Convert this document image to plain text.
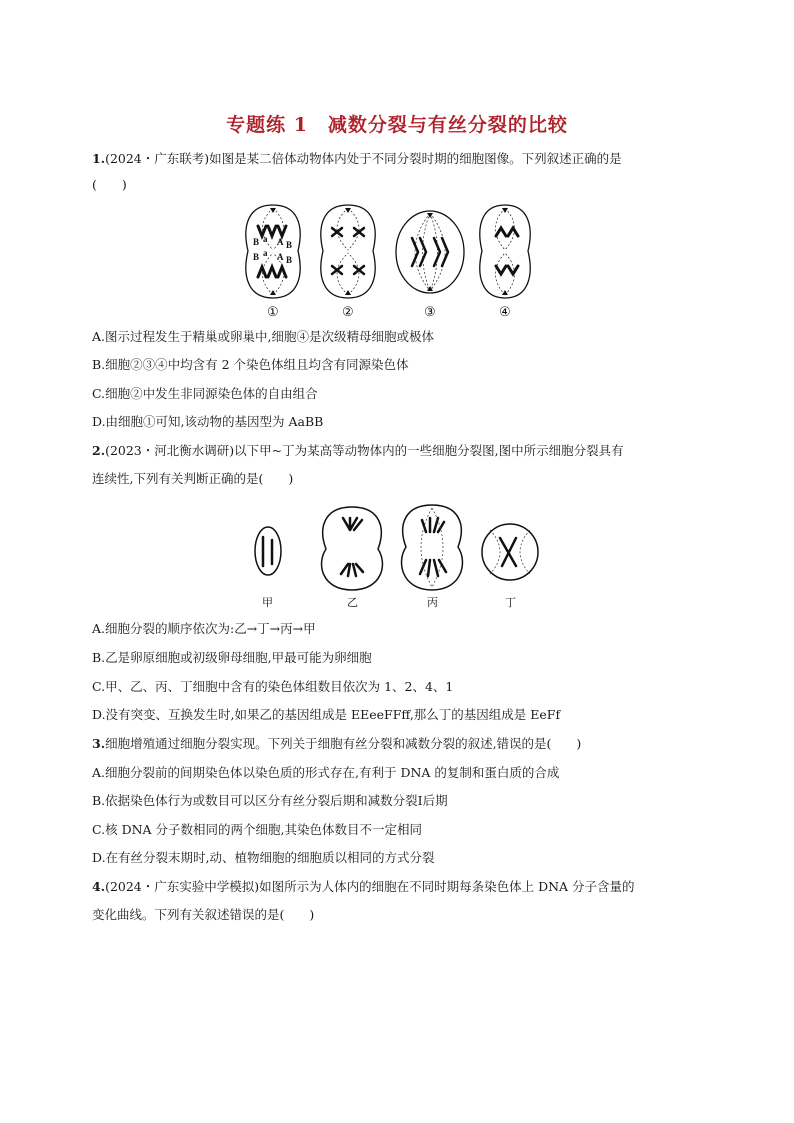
专题练 1　减数分裂与有丝分裂的比较
1.(2024・广东联考)如图是某二倍体动物体内处于不同分裂时期的细胞图像。下列叙述正确的是
(　　)
B a A B
B a A B
①	②	③	④
A.图示过程发生于精巢或卵巢中,细胞④是次级精母细胞或极体
B.细胞②③④中均含有 2 个染色体组且均含有同源染色体
C.细胞②中发生非同源染色体的自由组合
D.由细胞①可知,该动物的基因型为 AaBB
2.(2023・河北衡水调研)以下甲~丁为某高等动物体内的一些细胞分裂图,图中所示细胞分裂具有
连续性,下列有关判断正确的是(　　)
甲	乙	丙	丁
A.细胞分裂的顺序依次为:乙→丁→丙→甲
B.乙是卵原细胞或初级卵母细胞,甲最可能为卵细胞
C.甲、乙、丙、丁细胞中含有的染色体组数目依次为 1、2、4、1
D.没有突变、互换发生时,如果乙的基因组成是 EEeeFFff,那么丁的基因组成是 EeFf
3.细胞增殖通过细胞分裂实现。下列关于细胞有丝分裂和减数分裂的叙述,错误的是(　　)
A.细胞分裂前的间期染色体以染色质的形式存在,有利于 DNA 的复制和蛋白质的合成
B.依据染色体行为或数目可以区分有丝分裂后期和减数分裂Ⅰ后期
C.核 DNA 分子数相同的两个细胞,其染色体数目不一定相同
D.在有丝分裂末期时,动、植物细胞的细胞质以相同的方式分裂
4.(2024・广东实验中学模拟)如图所示为人体内的细胞在不同时期每条染色体上 DNA 分子含量的
变化曲线。下列有关叙述错误的是(　　)
